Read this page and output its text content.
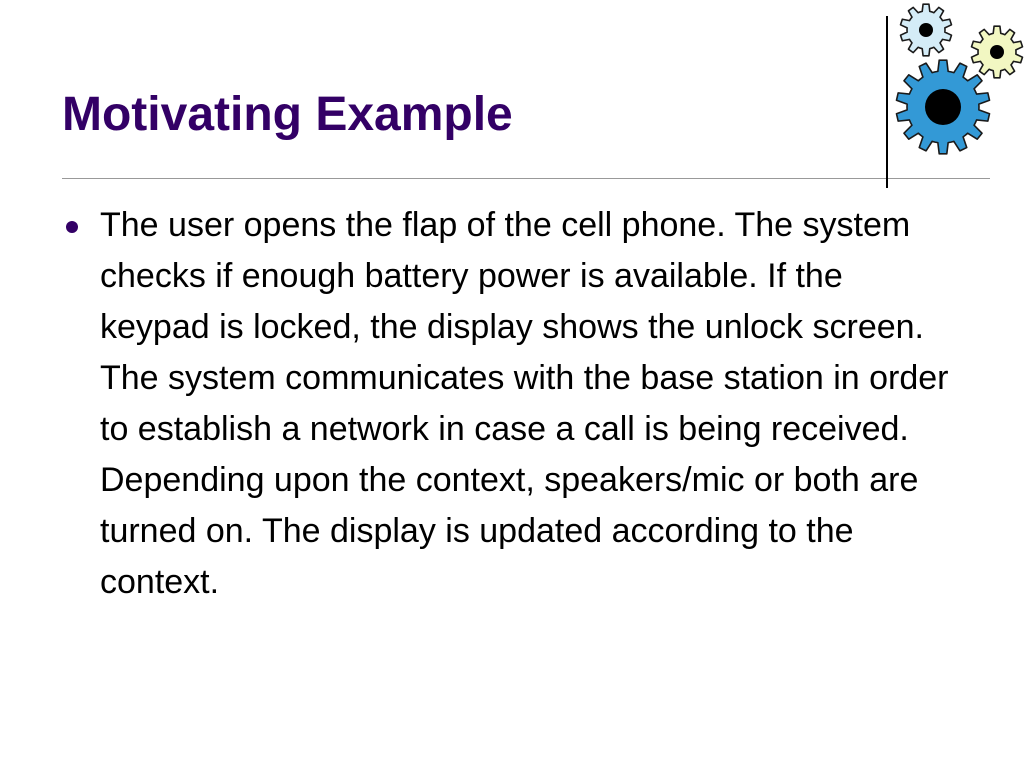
Motivating Example
The user opens the flap of the cell phone. The system checks if enough battery power is available. If the keypad is locked, the display shows the unlock screen. The system communicates with the base station in order to establish a network in case a call is being received. Depending upon the context, speakers/mic or both are turned on. The display is updated according to the context.
